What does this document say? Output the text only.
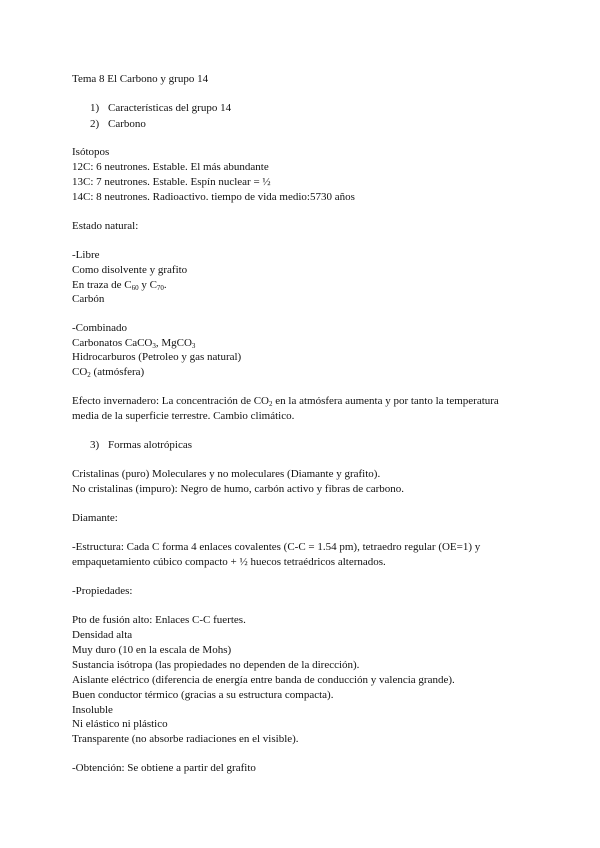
Tema 8 El Carbono y grupo 14
1) Características del grupo 14
2) Carbono
Isótopos
12C: 6 neutrones. Estable. El más abundante
13C: 7 neutrones. Estable. Espín nuclear = ½
14C: 8 neutrones. Radioactivo. tiempo de vida medio:5730 años
Estado natural:
-Libre
Como disolvente y grafito
En traza de $C_{60}$ y $C_{70}$.
Carbón
-Combinado
Carbonatos CaCO$_3$, MgCO$_3$
Hidrocarburos (Petroleo y gas natural)
$CO_2$ (atmósfera)
Efecto invernadero: La concentración de $CO_2$ en la atmósfera aumenta y por tanto la temperatura
media de la superficie terrestre. Cambio climático.
3) Formas alotrópicas
Cristalinas (puro) Moleculares y no moleculares (Diamante y grafito).
No cristalinas (impuro): Negro de humo, carbón activo y fibras de carbono.
Diamante:
-Estructura: Cada C forma 4 enlaces covalentes (C-C = 1.54 pm), tetraedro regular (OE=1) y
empaquetamiento cúbico compacto + ½ huecos tetraédricos alternados.
-Propiedades:
Pto de fusión alto: Enlaces C-C fuertes.
Densidad alta
Muy duro (10 en la escala de Mohs)
Sustancia isótropa (las propiedades no dependen de la dirección).
Aislante eléctrico (diferencia de energía entre banda de conducción y valencia grande).
Buen conductor térmico (gracias a su estructura compacta).
Insoluble
Ni elástico ni plástico
Transparente (no absorbe radiaciones en el visible).
-Obtención: Se obtiene a partir del grafito
